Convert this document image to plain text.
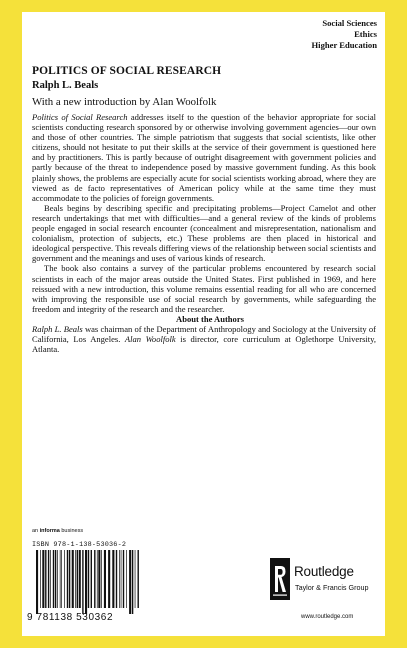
Social Sciences
Ethics
Higher Education
POLITICS OF SOCIAL RESEARCH
Ralph L. Beals
With a new introduction by Alan Woolfolk

Politics of Social Research addresses itself to the question of the behavior appropriate for social scientists conducting research sponsored by or otherwise involving government agencies—our own and those of other countries. The simple patriotism that suggests that social scientists, like other citizens, should not hesitate to put their skills at the service of their government is questioned here and by practitioners. This is partly because of outright disagreement with government policies and partly because of the threat to independence posed by massive government funding. As this book plainly shows, the problems are especially acute for social scientists working abroad, where they are viewed as de facto representatives of American policy while at the same time they must accommodate to the policies of foreign governments.

Beals begins by describing specific and precipitating problems—Project Camelot and other research undertakings that met with difficulties—and a general review of the kinds of problems people engaged in social research encounter (concealment and misrepresentation, nationalism and colonialism, protection of subjects, etc.) These problems are then placed in historical and ideological perspective. This reveals differing views of the relationship between social scientists and government and the meanings and uses of various kinds of research.

The book also contains a survey of the particular problems encountered by research social scientists in each of the major areas outside the United States. First published in 1969, and here reissued with a new introduction, this volume remains essential reading for all who are concerned with improving the responsible use of social research by governments, while safeguarding the freedom and integrity of the research and the researcher.

About the Authors

Ralph L. Beals was chairman of the Department of Anthropology and Sociology at the University of California, Los Angeles. Alan Woolfolk is director, core curriculum at Oglethorpe University, Atlanta.

an informa business
ISBN 978-1-138-53036-2
9 781138 530362
Routledge
Taylor & Francis Group
www.routledge.com
